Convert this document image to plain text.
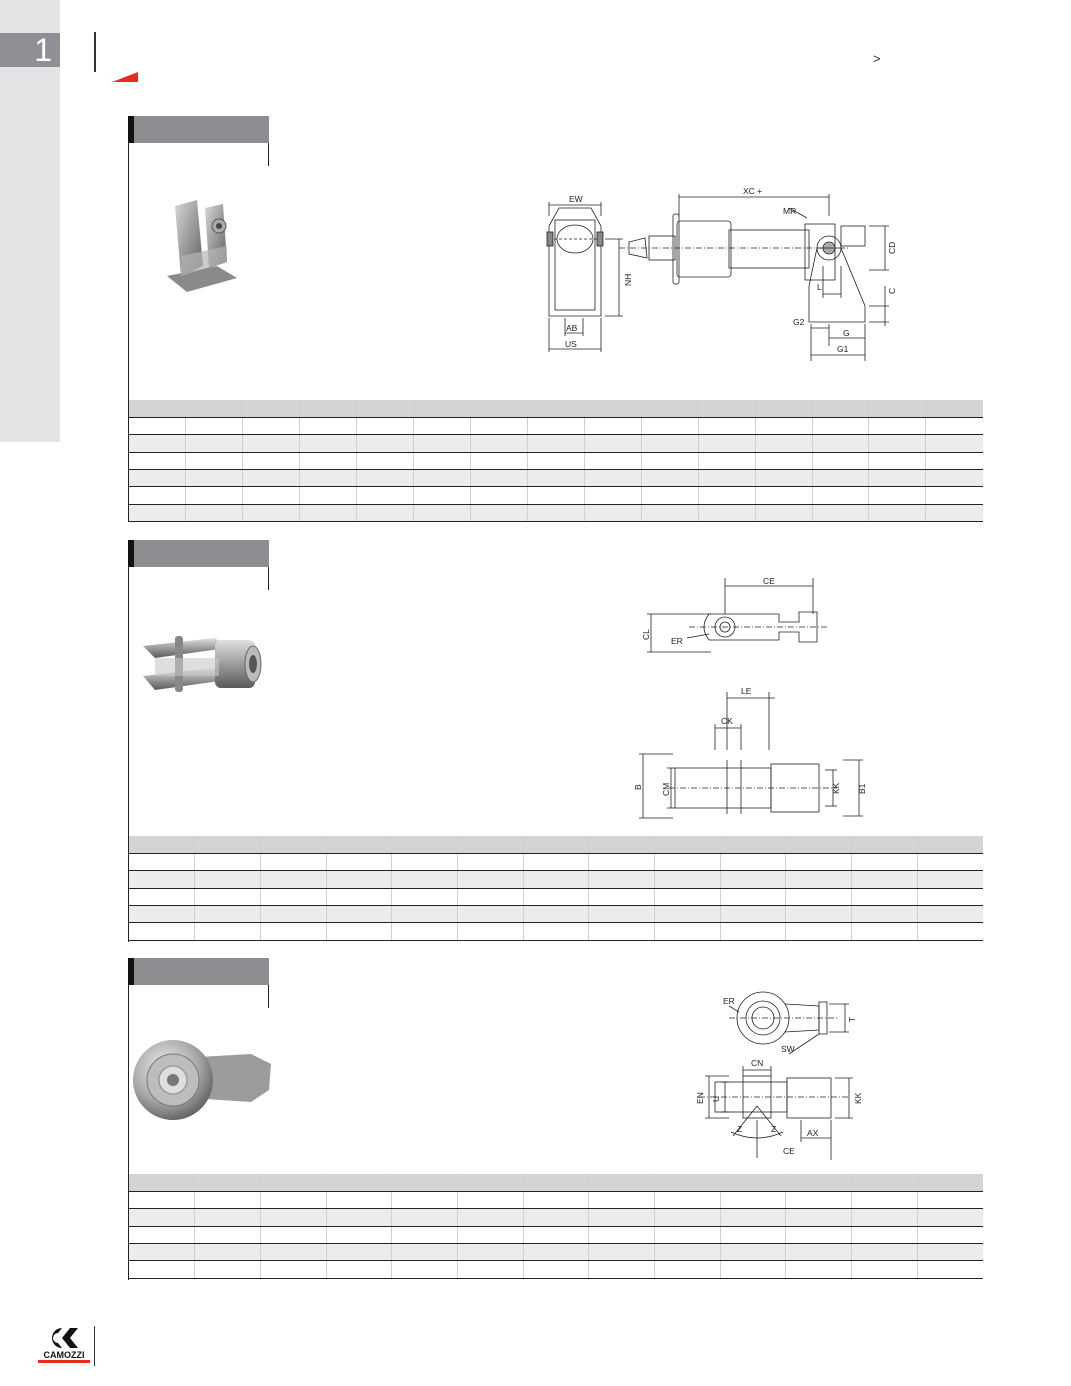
1	>
EW
NH
AB
US
XC +
MR
CD
L	C
G2
G
G1

CE
CL
ER
LE
CK
B CM	KK B1

ER
T
SW
CN
EN U	KK
Z	Z	AX
CE

CAMOZZI
